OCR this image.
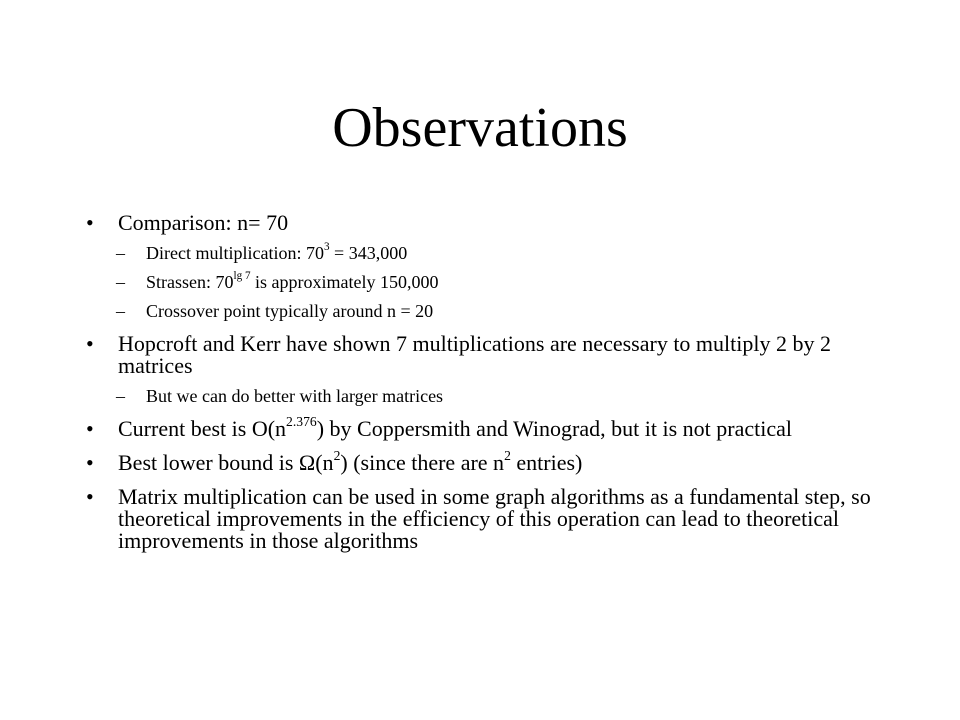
Observations
• Comparison: n= 70
– Direct multiplication: $70^3 = 343,000$
– Strassen: $70^{lg 7}$ is approximately 150,000
– Crossover point typically around n = 20
• Hopcroft and Kerr have shown 7 multiplications are necessary to multiply 2 by 2 matrices
– But we can do better with larger matrices
• Current best is $O(n^{2.376})$ by Coppersmith and Winograd, but it is not practical
• Best lower bound is $\Omega(n^2)$ (since there are $n^2$ entries)
• Matrix multiplication can be used in some graph algorithms as a fundamental step, so theoretical improvements in the efficiency of this operation can lead to theoretical improvements in those algorithms
